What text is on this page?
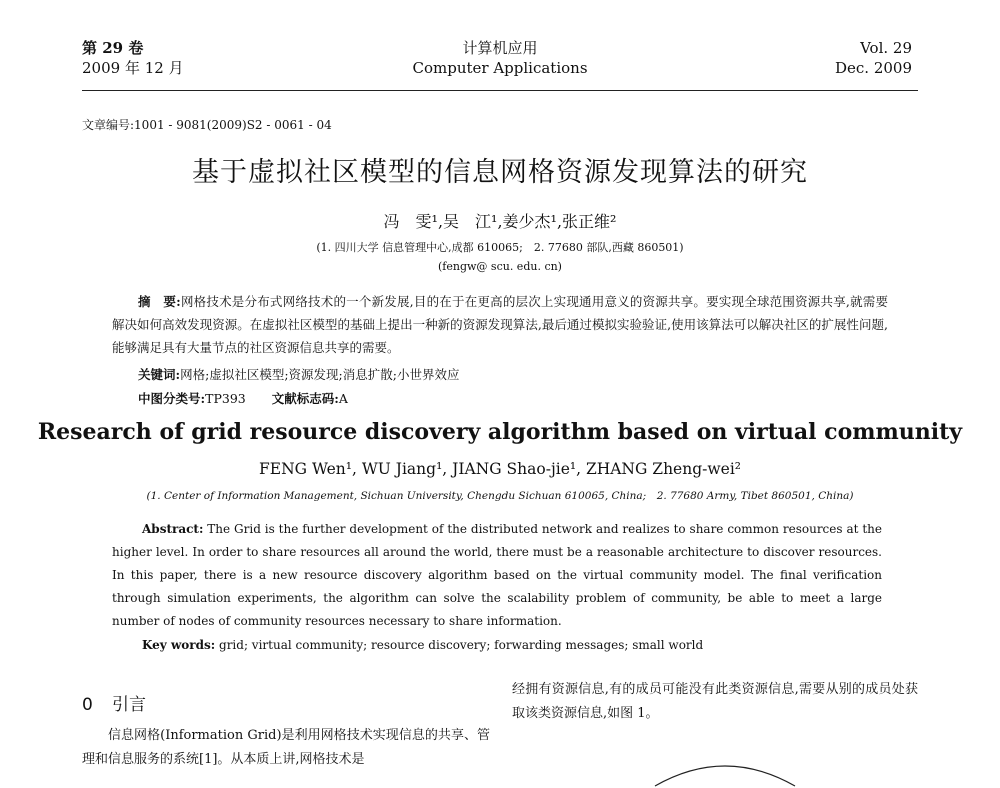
第 29 卷
2009 年 12 月
计算机应用
Computer Applications
Vol. 29
Dec. 2009
文章编号:1001 - 9081(2009)S2 - 0061 - 04
基于虚拟社区模型的信息网格资源发现算法的研究
冯　雯¹,吴　江¹,姜少杰¹,张正维²
(1. 四川大学 信息管理中心,成都 610065;　2. 77680 部队,西藏 860501)
(fengw@ scu. edu. cn)
摘　要:网格技术是分布式网络技术的一个新发展,目的在于在更高的层次上实现通用意义的资源共享。要实现全球范围资源共享,就需要解决如何高效发现资源。在虚拟社区模型的基础上提出一种新的资源发现算法,最后通过模拟实验验证,使用该算法可以解决社区的扩展性问题,能够满足具有大量节点的社区资源信息共享的需要。
关键词:网格;虚拟社区模型;资源发现;消息扩散;小世界效应
中图分类号:TP393 文献标志码:A
Research of grid resource discovery algorithm based on virtual community
FENG Wen¹, WU Jiang¹, JIANG Shao-jie¹, ZHANG Zheng-wei²
(1. Center of Information Management, Sichuan University, Chengdu Sichuan 610065, China;　2. 77680 Army, Tibet 860501, China)
Abstract: The Grid is the further development of the distributed network and realizes to share common resources at the higher level. In order to share resources all around the world, there must be a reasonable architecture to discover resources. In this paper, there is a new resource discovery algorithm based on the virtual community model. The final verification through simulation experiments, the algorithm can solve the scalability problem of community, be able to meet a large number of nodes of community resources necessary to share information.
Key words: grid; virtual community; resource discovery; forwarding messages; small world
0 引言
信息网格(Information Grid)是利用网格技术实现信息的共享、管理和信息服务的系统[1]。从本质上讲,网格技术是
经拥有资源信息,有的成员可能没有此类资源信息,需要从别的成员处获取该类资源信息,如图 1。
